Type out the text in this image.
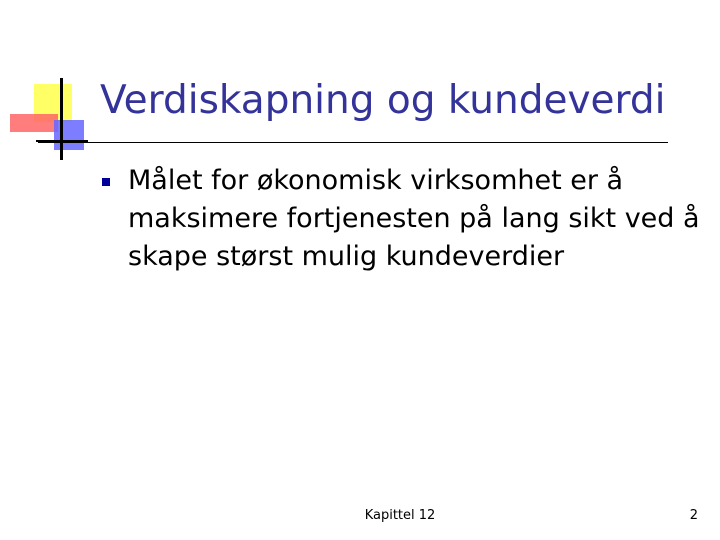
Verdiskapning og kundeverdi
Målet for økonomisk virksomhet er å maksimere fortjenesten på lang sikt ved å skape størst mulig kundeverdier
Kapittel 12	2
